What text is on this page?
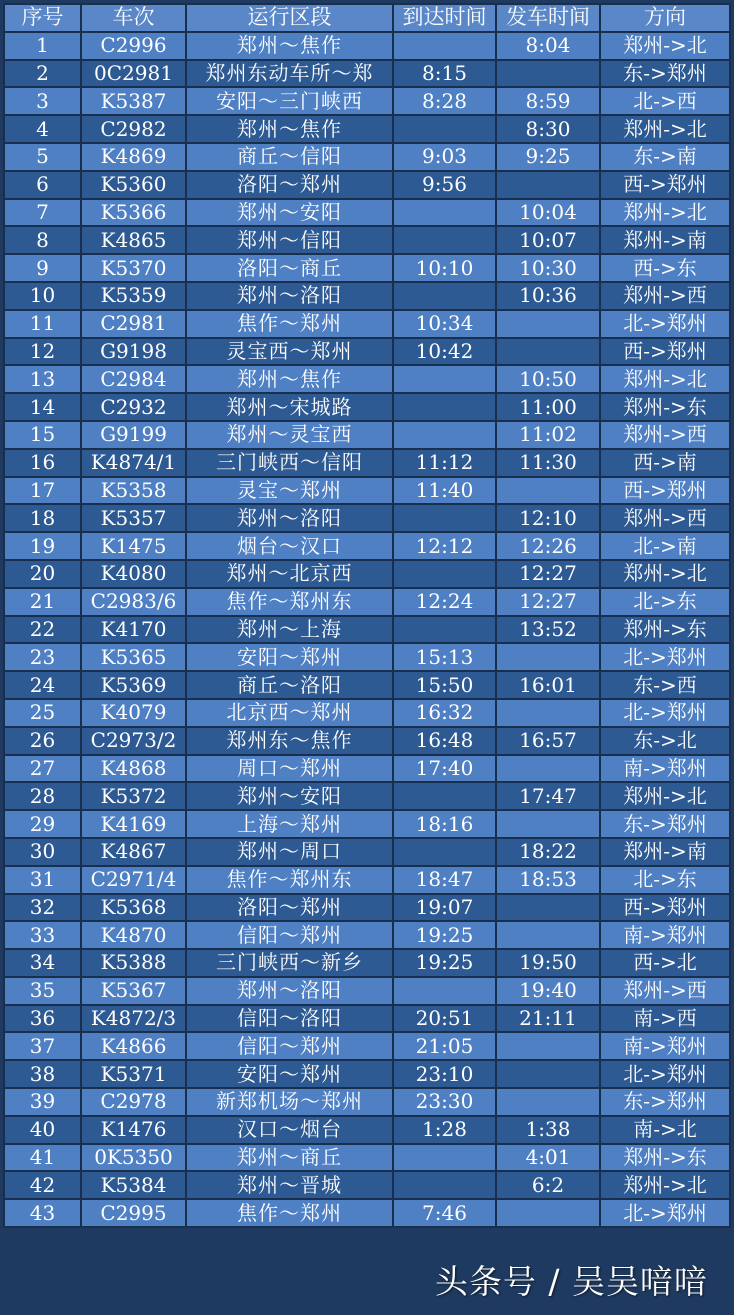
序号	车次	运行区段	到达时间	发车时间	方向
1	C2996	郑州～焦作		8:04	郑州->北
2	0C2981	郑州东动车所～郑	8:15		东->郑州
3	K5387	安阳～三门峡西	8:28	8:59	北->西
4	C2982	郑州～焦作		8:30	郑州->北
5	K4869	商丘～信阳	9:03	9:25	东->南
6	K5360	洛阳～郑州	9:56		西->郑州
7	K5366	郑州～安阳		10:04	郑州->北
8	K4865	郑州～信阳		10:07	郑州->南
9	K5370	洛阳～商丘	10:10	10:30	西->东
10	K5359	郑州～洛阳		10:36	郑州->西
11	C2981	焦作～郑州	10:34		北->郑州
12	G9198	灵宝西～郑州	10:42		西->郑州
13	C2984	郑州～焦作		10:50	郑州->北
14	C2932	郑州～宋城路		11:00	郑州->东
15	G9199	郑州～灵宝西		11:02	郑州->西
16	K4874/1	三门峡西～信阳	11:12	11:30	西->南
17	K5358	灵宝～郑州	11:40		西->郑州
18	K5357	郑州～洛阳		12:10	郑州->西
19	K1475	烟台～汉口	12:12	12:26	北->南
20	K4080	郑州～北京西		12:27	郑州->北
21	C2983/6	焦作～郑州东	12:24	12:27	北->东
22	K4170	郑州～上海		13:52	郑州->东
23	K5365	安阳～郑州	15:13		北->郑州
24	K5369	商丘～洛阳	15:50	16:01	东->西
25	K4079	北京西～郑州	16:32		北->郑州
26	C2973/2	郑州东～焦作	16:48	16:57	东->北
27	K4868	周口～郑州	17:40		南->郑州
28	K5372	郑州～安阳		17:47	郑州->北
29	K4169	上海～郑州	18:16		东->郑州
30	K4867	郑州～周口		18:22	郑州->南
31	C2971/4	焦作～郑州东	18:47	18:53	北->东
32	K5368	洛阳～郑州	19:07		西->郑州
33	K4870	信阳～郑州	19:25		南->郑州
34	K5388	三门峡西～新乡	19:25	19:50	西->北
35	K5367	郑州～洛阳		19:40	郑州->西
36	K4872/3	信阳～洛阳	20:51	21:11	南->西
37	K4866	信阳～郑州	21:05		南->郑州
38	K5371	安阳～郑州	23:10		北->郑州
39	C2978	新郑机场～郑州	23:30		东->郑州
40	K1476	汉口～烟台	1:28	1:38	南->北
41	0K5350	郑州～商丘		4:01	郑州->东
42	K5384	郑州～晋城		6:2	郑州->北
43	C2995	焦作～郑州	7:46		北->郑州
头条号 / 吴吴喑喑
